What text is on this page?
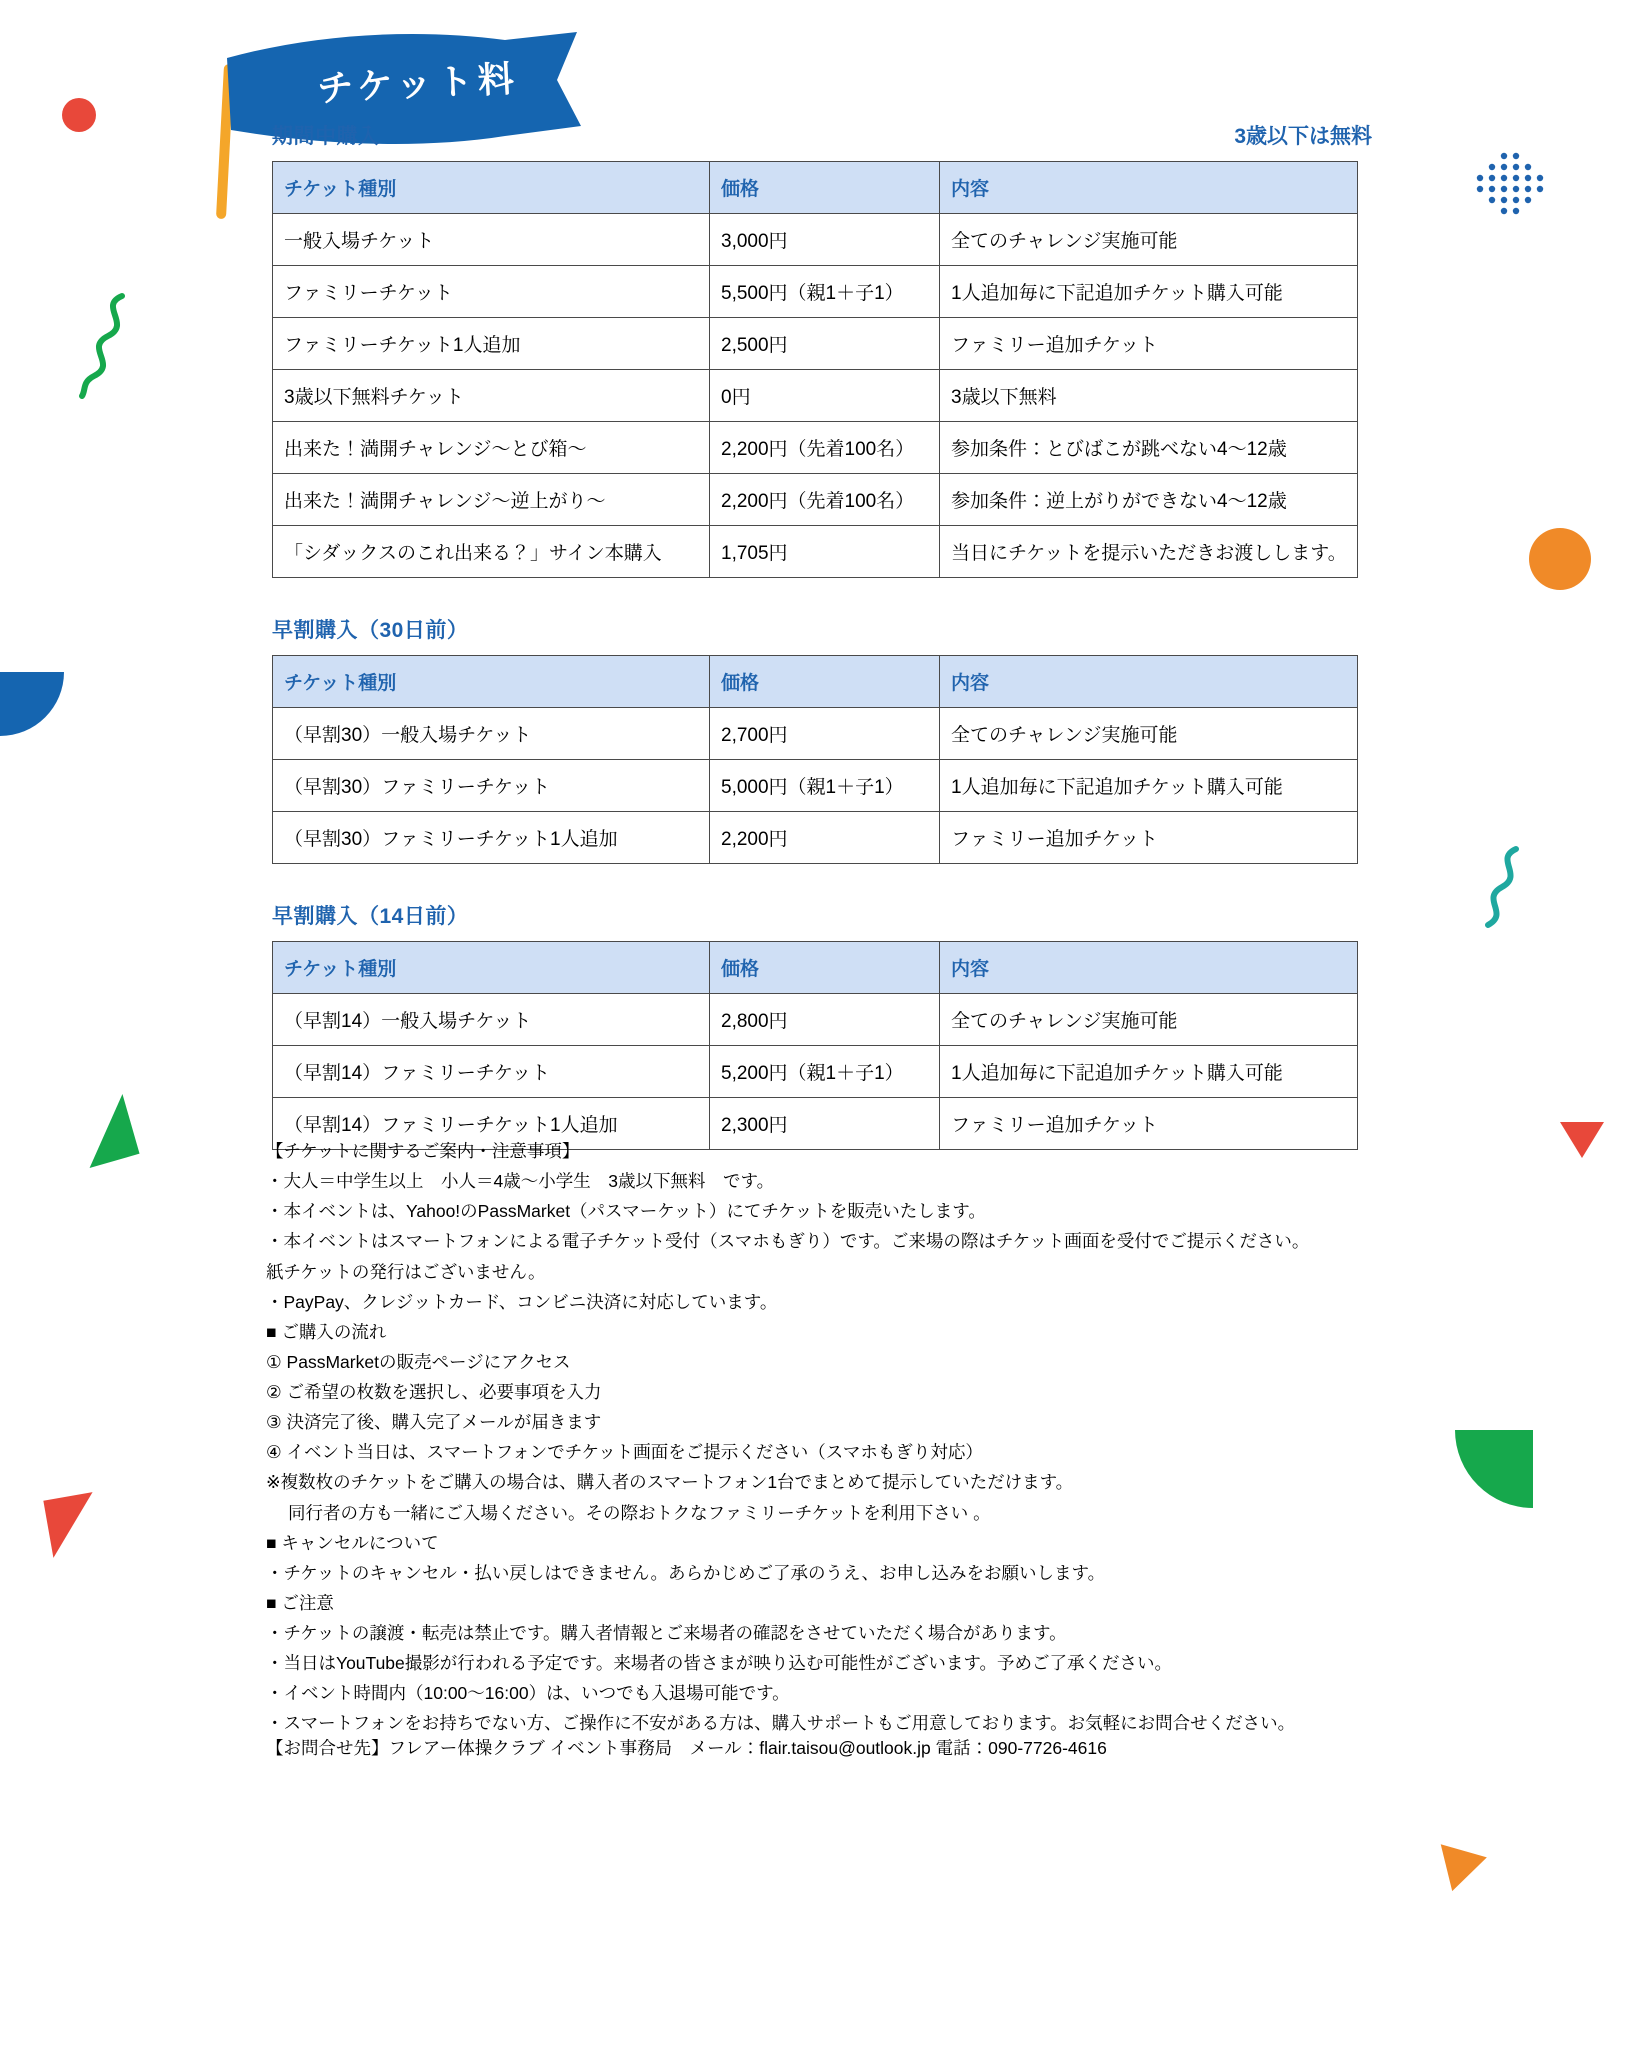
チケット料
期間中購入	3歳以下は無料
チケット種別	価格	内容
一般入場チケット	3,000円	全てのチャレンジ実施可能
ファミリーチケット	5,500円（親1＋子1）	1人追加毎に下記追加チケット購入可能
ファミリーチケット1人追加	2,500円	ファミリー追加チケット
3歳以下無料チケット	0円	3歳以下無料
出来た！満開チャレンジ〜とび箱〜	2,200円（先着100名）	参加条件：とびばこが跳べない4〜12歳
出来た！満開チャレンジ〜逆上がり〜	2,200円（先着100名）	参加条件：逆上がりができない4〜12歳
「シダックスのこれ出来る？」サイン本購入	1,705円	当日にチケットを提示いただきお渡しします。
早割購入（30日前）
チケット種別	価格	内容
（早割30）一般入場チケット	2,700円	全てのチャレンジ実施可能
（早割30）ファミリーチケット	5,000円（親1＋子1）	1人追加毎に下記追加チケット購入可能
（早割30）ファミリーチケット1人追加	2,200円	ファミリー追加チケット
早割購入（14日前）
チケット種別	価格	内容
（早割14）一般入場チケット	2,800円	全てのチャレンジ実施可能
（早割14）ファミリーチケット	5,200円（親1＋子1）	1人追加毎に下記追加チケット購入可能
（早割14）ファミリーチケット1人追加	2,300円	ファミリー追加チケット

【チケットに関するご案内・注意事項】

・大人＝中学生以上　小人＝4歳〜小学生　3歳以下無料　です。

・本イベントは、Yahoo!のPassMarket（パスマーケット）にてチケットを販売いたします。

・本イベントはスマートフォンによる電子チケット受付（スマホもぎり）です。ご来場の際はチケット画面を受付でご提示ください。

紙チケットの発行はございません。

・PayPay、クレジットカード、コンビニ決済に対応しています。

■ ご購入の流れ

① PassMarketの販売ページにアクセス

② ご希望の枚数を選択し、必要事項を入力

③ 決済完了後、購入完了メールが届きます

④ イベント当日は、スマートフォンでチケット画面をご提示ください（スマホもぎり対応）

※複数枚のチケットをご購入の場合は、購入者のスマートフォン1台でまとめて提示していただけます。

同行者の方も一緒にご入場ください。その際おトクなファミリーチケットを利用下さい 。

■ キャンセルについて

・チケットのキャンセル・払い戻しはできません。あらかじめご了承のうえ、お申し込みをお願いします。

■ ご注意

・チケットの譲渡・転売は禁止です。購入者情報とご来場者の確認をさせていただく場合があります。

・当日はYouTube撮影が行われる予定です。来場者の皆さまが映り込む可能性がございます。予めご了承ください。

・イベント時間内（10:00〜16:00）は、いつでも入退場可能です。

・スマートフォンをお持ちでない方、ご操作に不安がある方は、購入サポートもご用意しております。お気軽にお問合せください。

【お問合せ先】フレアー体操クラブ イベント事務局　メール：flair.taisou@outlook.jp 電話：090-7726-4616
